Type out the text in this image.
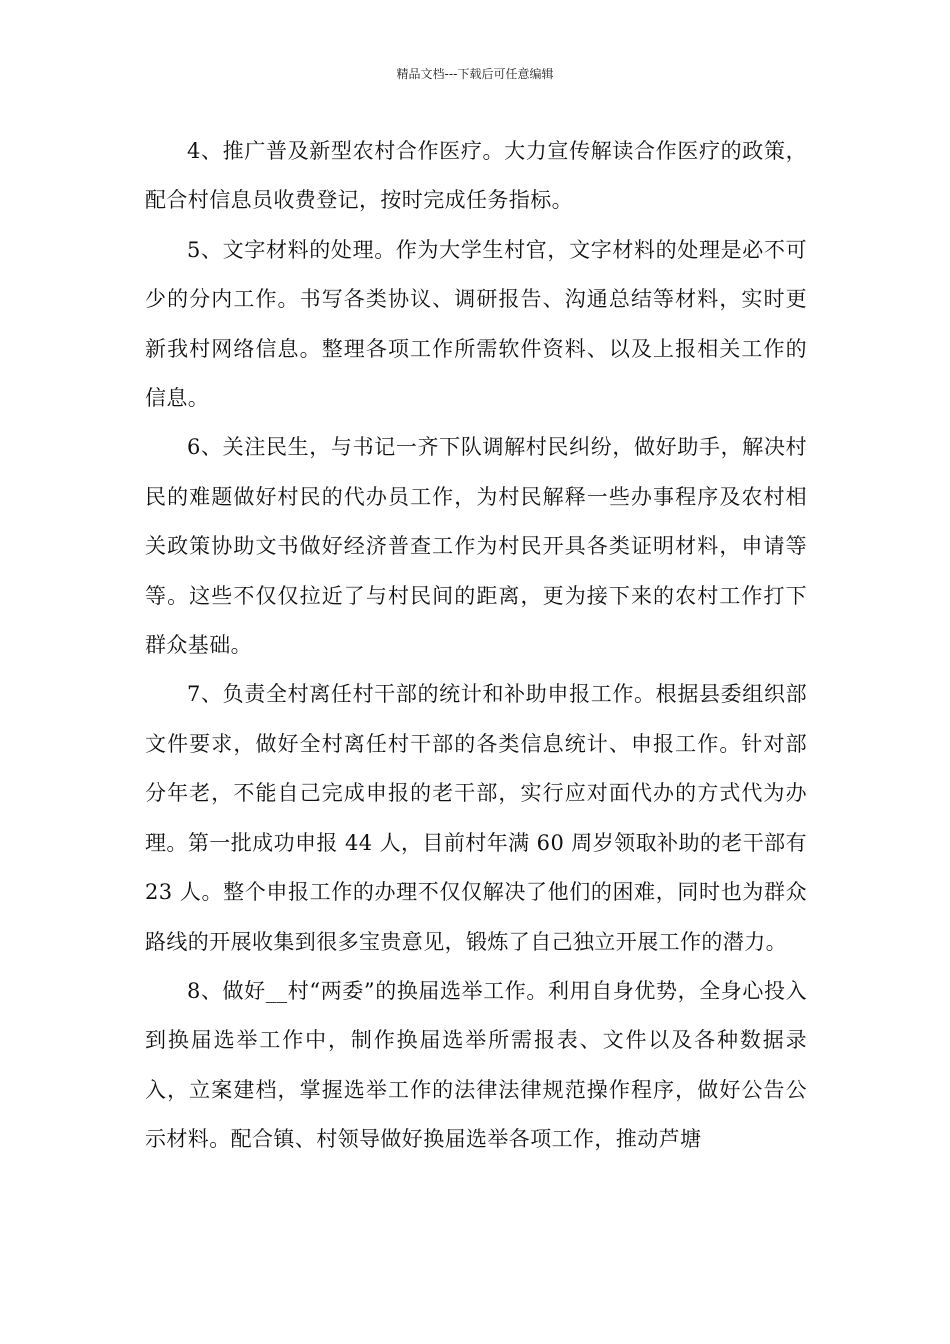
精品文档---下载后可任意编辑

4、推广普及新型农村合作医疗。大力宣传解读合作医疗的政策，配合村信息员收费登记，按时完成任务指标。

5、文字材料的处理。作为大学生村官，文字材料的处理是必不可少的分内工作。书写各类协议、调研报告、沟通总结等材料，实时更新我村网络信息。整理各项工作所需软件资料、以及上报相关工作的信息。

6、关注民生，与书记一齐下队调解村民纠纷，做好助手，解决村民的难题做好村民的代办员工作，为村民解释一些办事程序及农村相关政策协助文书做好经济普查工作为村民开具各类证明材料，申请等等。这些不仅仅拉近了与村民间的距离，更为接下来的农村工作打下群众基础。

7、负责全村离任村干部的统计和补助申报工作。根据县委组织部文件要求，做好全村离任村干部的各类信息统计、申报工作。针对部分年老，不能自己完成申报的老干部，实行应对面代办的方式代为办理。第一批成功申报 44 人，目前村年满 60 周岁领取补助的老干部有 23 人。整个申报工作的办理不仅仅解决了他们的困难，同时也为群众路线的开展收集到很多宝贵意见，锻炼了自己独立开展工作的潜力。

8、做好__村“两委”的换届选举工作。利用自身优势，全身心投入到换届选举工作中，制作换届选举所需报表、文件以及各种数据录入，立案建档，掌握选举工作的法律法律规范操作程序，做好公告公示材料。配合镇、村领导做好换届选举各项工作，推动芦塘
